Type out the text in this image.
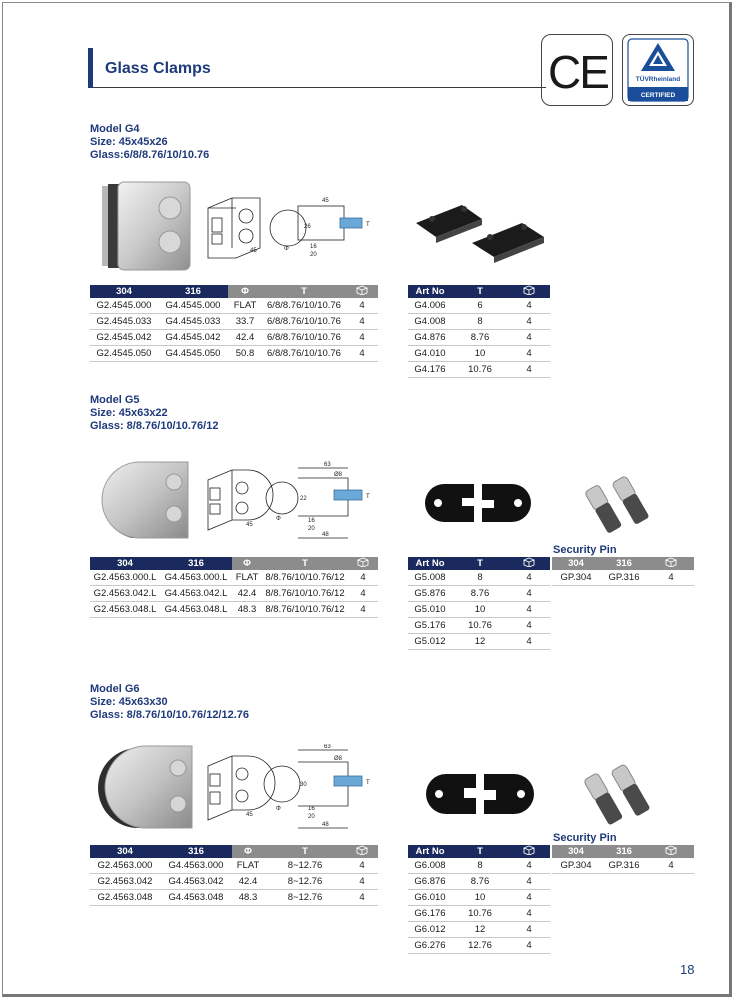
Glass Clamps	CE	TÜVRheinland
CERTIFIED
Model G4
Size: 45x45x26
Glass:6/8/8.76/10/10.76
45
26
16
20
45	Φ
T
304	316	Φ	T	
G2.4545.000	G4.4545.000	FLAT	6/8/8.76/10/10.76	4
G2.4545.033	G4.4545.033	33.7	6/8/8.76/10/10.76	4
G2.4545.042	G4.4545.042	42.4	6/8/8.76/10/10.76	4
G2.4545.050	G4.4545.050	50.8	6/8/8.76/10/10.76	4
Art No	T	
G4.006	6	4
G4.008	8	4
G4.876	8.76	4
G4.010	10	4
G4.176	10.76	4
Model G5
Size: 45x63x22
Glass: 8/8.76/10/10.76/12
63
Ø8
22
16
20
48
45
Φ
T
304	316	Φ	T	
G2.4563.000.L	G4.4563.000.L	FLAT	8/8.76/10/10.76/12	4
G2.4563.042.L	G4.4563.042.L	42.4	8/8.76/10/10.76/12	4
G2.4563.048.L	G4.4563.048.L	48.3	8/8.76/10/10.76/12	4
Art No	T	
G5.008	8	4
G5.876	8.76	4
G5.010	10	4
G5.176	10.76	4
G5.012	12	4
Security Pin
304	316	
GP.304	GP.316	4
Model G6
Size: 45x63x30
Glass: 8/8.76/10/10.76/12/12.76
63
Ø8
30
16
20
48
45
Φ
T
304	316	Φ	T	
G2.4563.000	G4.4563.000	FLAT	8~12.76	4
G2.4563.042	G4.4563.042	42.4	8~12.76	4
G2.4563.048	G4.4563.048	48.3	8~12.76	4
Art No	T	
G6.008	8	4
G6.876	8.76	4
G6.010	10	4
G6.176	10.76	4
G6.012	12	4
G6.276	12.76	4
Security Pin
304	316	
GP.304	GP.316	4
18
